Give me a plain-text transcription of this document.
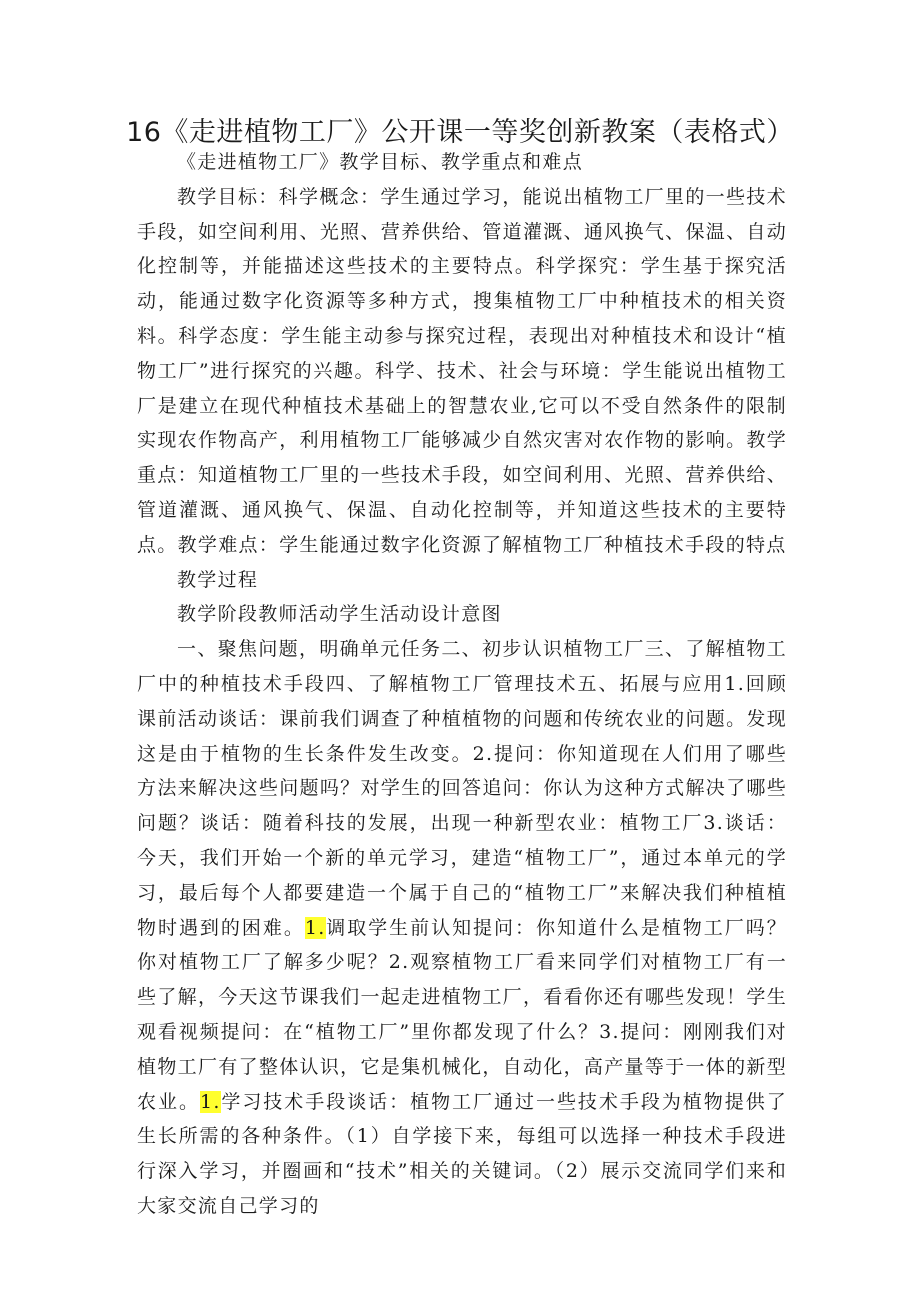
16《走进植物工厂》公开课一等奖创新教案（表格式）

《走进植物工厂》教学目标、教学重点和难点

教学目标：科学概念：学生通过学习，能说出植物工厂里的一些技术手段，如空间利用、光照、营养供给、管道灌溉、通风换气、保温、自动化控制等，并能描述这些技术的主要特点。科学探究：学生基于探究活动，能通过数字化资源等多种方式，搜集植物工厂中种植技术的相关资料。科学态度：学生能主动参与探究过程，表现出对种植技术和设计“植物工厂”进行探究的兴趣。科学、技术、社会与环境：学生能说出植物工厂是建立在现代种植技术基础上的智慧农业,它可以不受自然条件的限制实现农作物高产，利用植物工厂能够减少自然灾害对农作物的影响。教学重点：知道植物工厂里的一些技术手段，如空间利用、光照、营养供给、管道灌溉、通风换气、保温、自动化控制等，并知道这些技术的主要特点。教学难点：学生能通过数字化资源了解植物工厂种植技术手段的特点

教学过程

教学阶段教师活动学生活动设计意图

一、聚焦问题，明确单元任务二、初步认识植物工厂三、了解植物工厂中的种植技术手段四、了解植物工厂管理技术五、拓展与应用1.回顾课前活动谈话：课前我们调查了种植植物的问题和传统农业的问题。发现这是由于植物的生长条件发生改变。2.提问：你知道现在人们用了哪些方法来解决这些问题吗？对学生的回答追问：你认为这种方式解决了哪些问题？谈话：随着科技的发展，出现一种新型农业：植物工厂3.谈话：今天，我们开始一个新的单元学习，建造“植物工厂”，通过本单元的学习，最后每个人都要建造一个属于自己的“植物工厂”来解决我们种植植物时遇到的困难。1.调取学生前认知提问：你知道什么是植物工厂吗？你对植物工厂了解多少呢？2.观察植物工厂看来同学们对植物工厂有一些了解，今天这节课我们一起走进植物工厂，看看你还有哪些发现！学生观看视频提问：在“植物工厂”里你都发现了什么？3.提问：刚刚我们对植物工厂有了整体认识，它是集机械化，自动化，高产量等于一体的新型农业。1.学习技术手段谈话：植物工厂通过一些技术手段为植物提供了生长所需的各种条件。（1）自学接下来，每组可以选择一种技术手段进行深入学习，并圈画和“技术”相关的关键词。（2）展示交流同学们来和大家交流自己学习的
